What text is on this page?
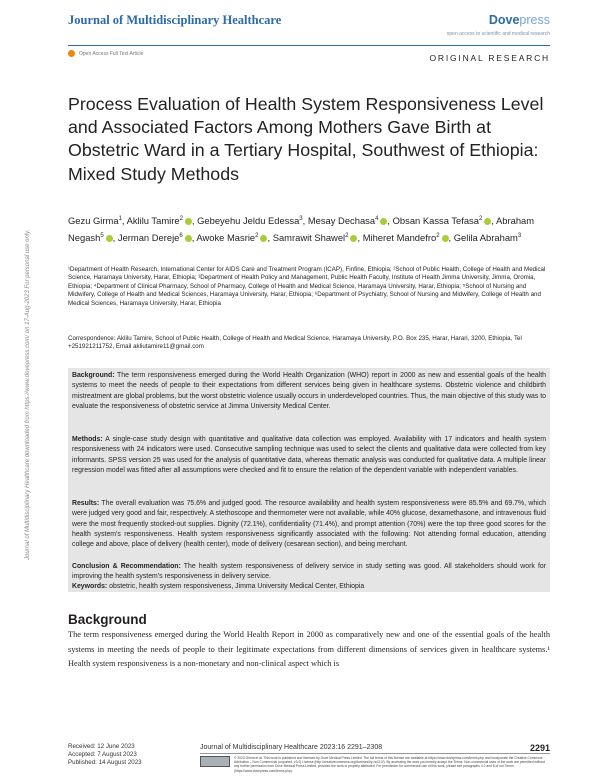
Journal of Multidisciplinary Healthcare downloaded from https://www.dovepress.com/ on 17-Aug-2023 For personal use only.
Journal of Multidisciplinary Healthcare	Dovepress
open access to scientific and medical research
Open Access Full Text Article	ORIGINAL RESEARCH
Process Evaluation of Health System Responsiveness Level and Associated Factors Among Mothers Gave Birth at Obstetric Ward in a Tertiary Hospital, Southwest of Ethiopia: Mixed Study Methods

Gezu Girma$^1$, Aklilu Tamire$^2$ , Gebeyehu Jeldu Edessa$^3$, Mesay Dechasa$^4$ , Obsan Kassa Tefasa$^2$ , Abraham Negash$^5$ , Jerman Dereje$^6$ , Awoke Masrie$^2$ , Samrawit Shawel$^2$ , Miheret Mandefro$^2$ , Gelila Abraham$^3$

¹Department of Health Research, International Center for AIDS Care and Treatment Program (ICAP), Finfine, Ethiopia; ²School of Public Health, College of Health and Medical Science, Haramaya University, Harar, Ethiopia; ³Department of Health Policy and Management, Public Health Faculty, Institute of Health Jimma University, Jimma, Oromia, Ethiopia; ⁴Department of Clinical Pharmacy, School of Pharmacy, College of Health and Medical Science, Haramaya University, Harar, Ethiopia; ⁵School of Nursing and Midwifery, College of Health and Medical Sciences, Haramaya University, Harar, Ethiopia; ⁶Department of Psychiatry, School of Nursing and Midwifery, College of Health and Medical Sciences, Haramaya University, Harar, Ethiopia

Correspondence: Aklilu Tamire, School of Public Health, College of Health and Medical Science, Haramaya University, P.O. Box 235, Harar, Harari, 3200, Ethiopia, Tel +251921211752, Email akliutamire11@gmail.com

Background: The term responsiveness emerged during the World Health Organization (WHO) report in 2000 as new and essential goals of the health systems to meet the needs of people to their expectations from different services being given in healthcare systems. Obstetric violence and childbirth mistreatment are global problems, but the worst obstetric violence usually occurs in underdeveloped countries. Thus, the main objective of this study was to evaluate the responsiveness of obstetric service at Jimma University Medical Center.

Methods: A single-case study design with quantitative and qualitative data collection was employed. Availability with 17 indicators and health system responsiveness with 24 indicators were used. Consecutive sampling technique was used to select the clients and qualitative data were collected from key informants. SPSS version 25 was used for the analysis of quantitative data, whereas thematic analysis was conducted for qualitative data. A multiple linear regression model was fitted after all assumptions were checked and fit to ensure the relation of the dependent variable with independent variables.

Results: The overall evaluation was 75.6% and judged good. The resource availability and health system responsiveness were 85.5% and 69.7%, which were judged very good and fair, respectively. A stethoscope and thermometer were not available, while 40% glucose, dexamethasone, and intravenous fluid were the most frequently stocked-out supplies. Dignity (72.1%), confidentiality (71.4%), and prompt attention (70%) were the top three good scores for the health system's responsiveness. Health system responsiveness significantly associated with the following: Not attending formal education, attending college and above, place of delivery (health center), mode of delivery (cesarean section), and being merchant.

Conclusion & Recommendation: The health system responsiveness of delivery service in study setting was good. All stakeholders should work for improving the health system's responsiveness in delivery service.

Keywords: obstetric, health system responsiveness, Jimma University Medical Center, Ethiopia

Background

The term responsiveness emerged during the World Health Report in 2000 as comparatively new and one of the essential goals of the health systems in meeting the needs of people to their legitimate expectations from different dimensions of services given in healthcare systems.¹ Health system responsiveness is a non-monetary and non-clinical aspect which is

Received: 12 June 2023
Accepted: 7 August 2023
Published: 14 August 2023
Journal of Multidisciplinary Healthcare 2023:16 2291–2308	2291

© 2023 Girma et al. This work is published and licensed by Dove Medical Press Limited. The full terms of this license are available at https://www.dovepress.com/terms.php and incorporate the Creative Commons Attribution – Non Commercial (unported, v3.0) License (http://creativecommons.org/licenses/by-nc/3.0/). By accessing the work you hereby accept the Terms. Non-commercial uses of the work are permitted without any further permission from Dove Medical Press Limited, provided the work is properly attributed. For permission for commercial use of this work, please see paragraphs 4.2 and 5 of our Terms (https://www.dovepress.com/terms.php).
